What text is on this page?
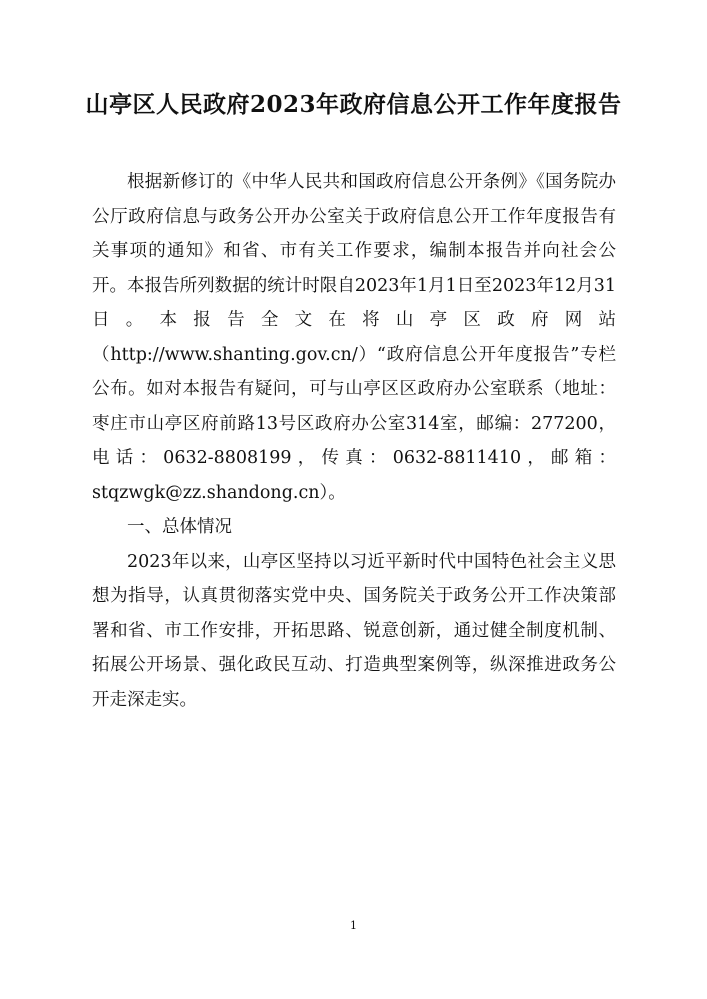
山亭区人民政府2023年政府信息公开工作年度报告

根据新修订的《中华人民共和国政府信息公开条例》《国务院办公厅政府信息与政务公开办公室关于政府信息公开工作年度报告有关事项的通知》和省、市有关工作要求，编制本报告并向社会公开。本报告所列数据的统计时限自2023年1月1日至2023年12月31日。本报告全文在将山亭区政府网站（http://www.shanting.gov.cn/）“政府信息公开年度报告”专栏公布。如对本报告有疑问，可与山亭区区政府办公室联系（地址：枣庄市山亭区府前路13号区政府办公室314室，邮编：277200，电话：0632-8808199，传真：0632-8811410，邮箱：stqzwgk@zz.shandong.cn）。

一、总体情况

2023年以来，山亭区坚持以习近平新时代中国特色社会主义思想为指导，认真贯彻落实党中央、国务院关于政务公开工作决策部署和省、市工作安排，开拓思路、锐意创新，通过健全制度机制、拓展公开场景、强化政民互动、打造典型案例等，纵深推进政务公开走深走实。

1
